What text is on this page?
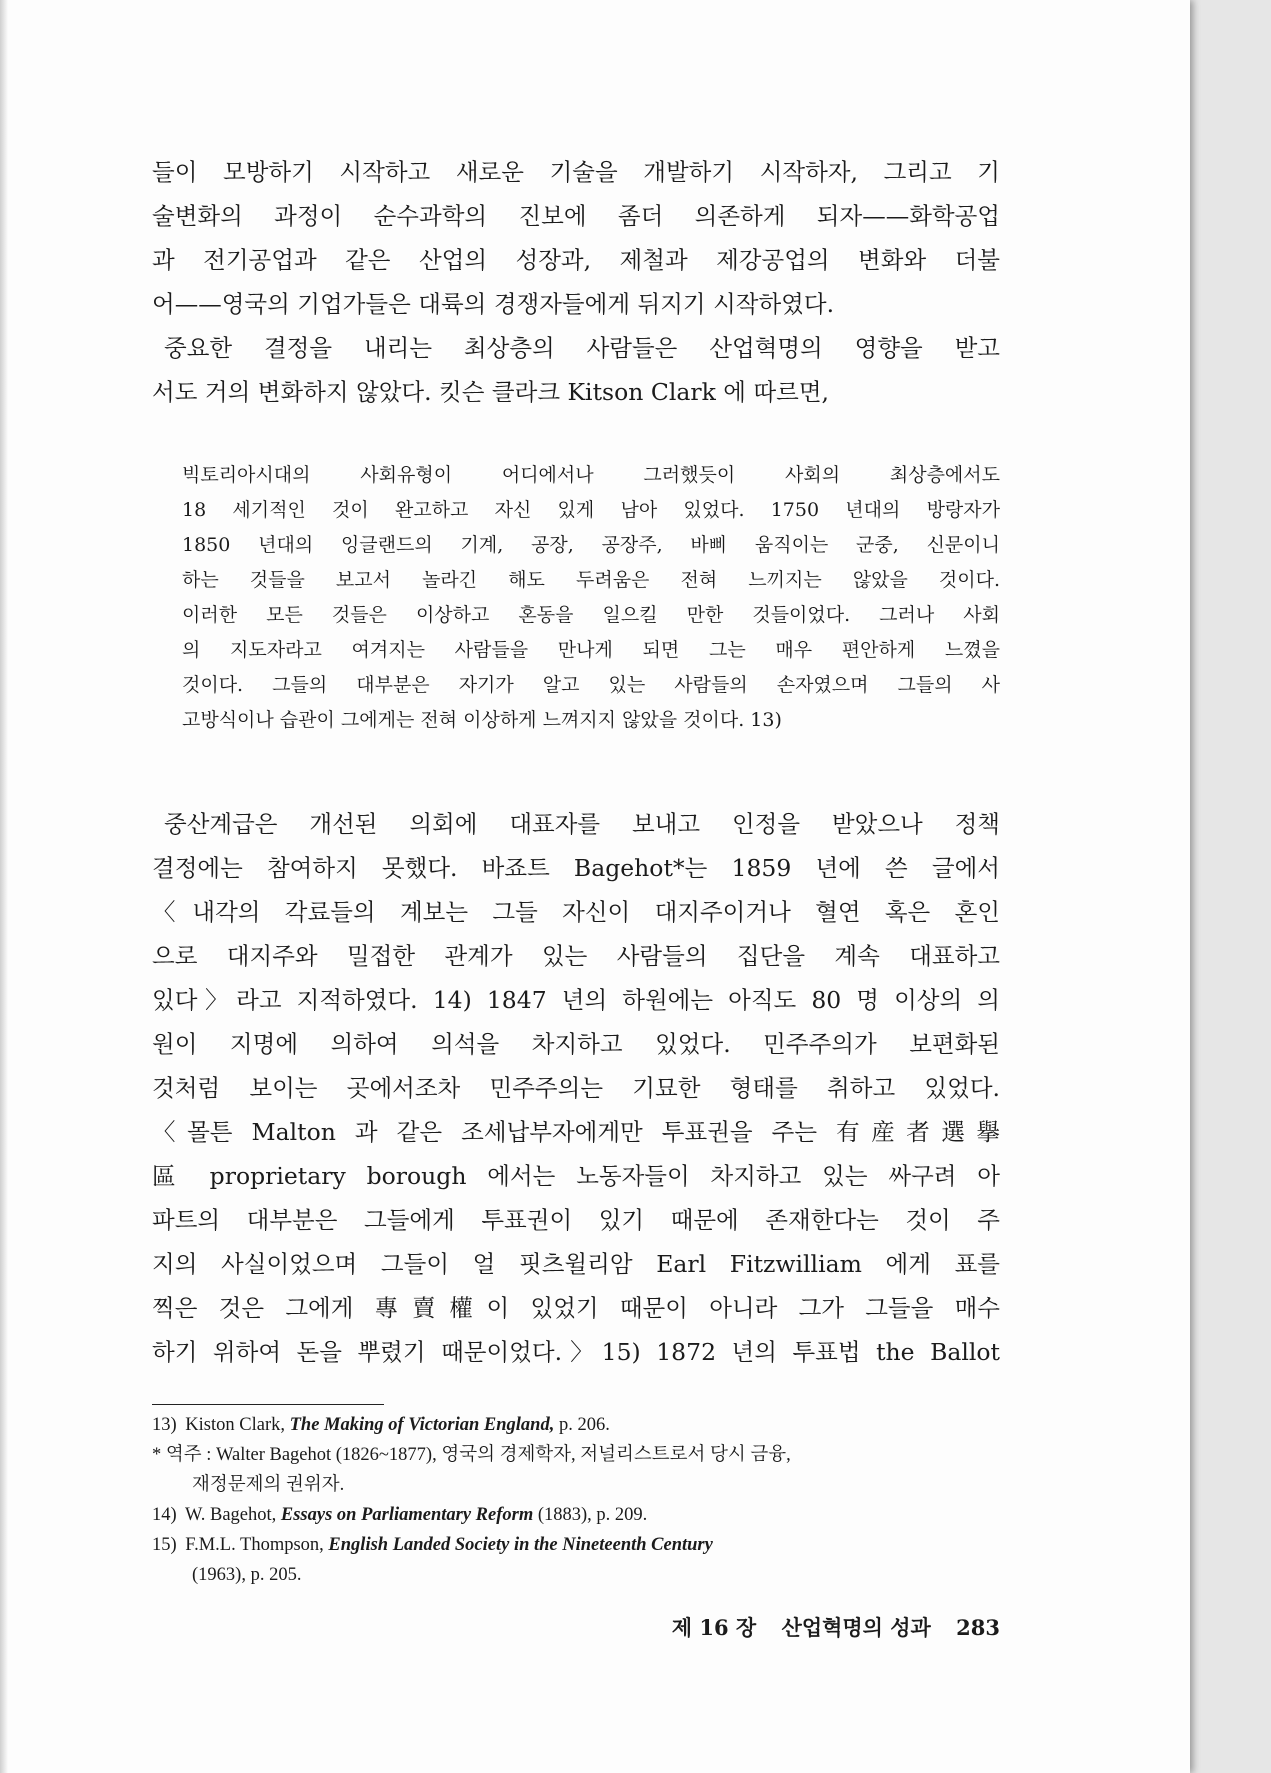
들이 모방하기 시작하고 새로운 기술을 개발하기 시작하자, 그리고 기
술변화의 과정이 순수과학의 진보에 좀더 의존하게 되자——화학공업
과 전기공업과 같은 산업의 성장과, 제철과 제강공업의 변화와 더불
어——영국의 기업가들은 대륙의 경쟁자들에게 뒤지기 시작하였다.
중요한 결정을 내리는 최상층의 사람들은 산업혁명의 영향을 받고
서도 거의 변화하지 않았다. 킷슨 클라크 Kitson Clark 에 따르면,
빅토리아시대의 사회유형이 어디에서나 그러했듯이 사회의 최상층에서도
18 세기적인 것이 완고하고 자신 있게 남아 있었다. 1750 년대의 방랑자가
1850 년대의 잉글랜드의 기계, 공장, 공장주, 바삐 움직이는 군중, 신문이니
하는 것들을 보고서 놀라긴 해도 두려움은 전혀 느끼지는 않았을 것이다.
이러한 모든 것들은 이상하고 혼동을 일으킬 만한 것들이었다. 그러나 사회
의 지도자라고 여겨지는 사람들을 만나게 되면 그는 매우 편안하게 느꼈을
것이다. 그들의 대부분은 자기가 알고 있는 사람들의 손자였으며 그들의 사
고방식이나 습관이 그에게는 전혀 이상하게 느껴지지 않았을 것이다. 13)
중산계급은 개선된 의회에 대표자를 보내고 인정을 받았으나 정책
결정에는 참여하지 못했다. 바죠트 Bagehot*는 1859 년에 쓴 글에서
〈내각의 각료들의 계보는 그들 자신이 대지주이거나 혈연 혹은 혼인
으로 대지주와 밀접한 관계가 있는 사람들의 집단을 계속 대표하고
있다〉라고 지적하였다. 14) 1847 년의 하원에는 아직도 80 명 이상의 의
원이 지명에 의하여 의석을 차지하고 있었다. 민주주의가 보편화된
것처럼 보이는 곳에서조차 민주주의는 기묘한 형태를 취하고 있었다.
〈몰튼 Malton 과 같은 조세납부자에게만 투표권을 주는 有産者選擧
區 proprietary borough 에서는 노동자들이 차지하고 있는 싸구려 아
파트의 대부분은 그들에게 투표권이 있기 때문에 존재한다는 것이 주
지의 사실이었으며 그들이 얼 핏츠윌리암 Earl Fitzwilliam 에게 표를
찍은 것은 그에게 專賣權이 있었기 때문이 아니라 그가 그들을 매수
하기 위하여 돈을 뿌렸기 때문이었다.〉15) 1872 년의 투표법 the Ballot
13) Kiston Clark, The Making of Victorian England, p. 206.
* 역주 : Walter Bagehot (1826~1877), 영국의 경제학자, 저널리스트로서 당시 금융,
재정문제의 권위자.
14) W. Bagehot, Essays on Parliamentary Reform (1883), p. 209.
15) F.M.L. Thompson, English Landed Society in the Nineteenth Century
(1963), p. 205.
제 16 장 산업혁명의 성과 283
